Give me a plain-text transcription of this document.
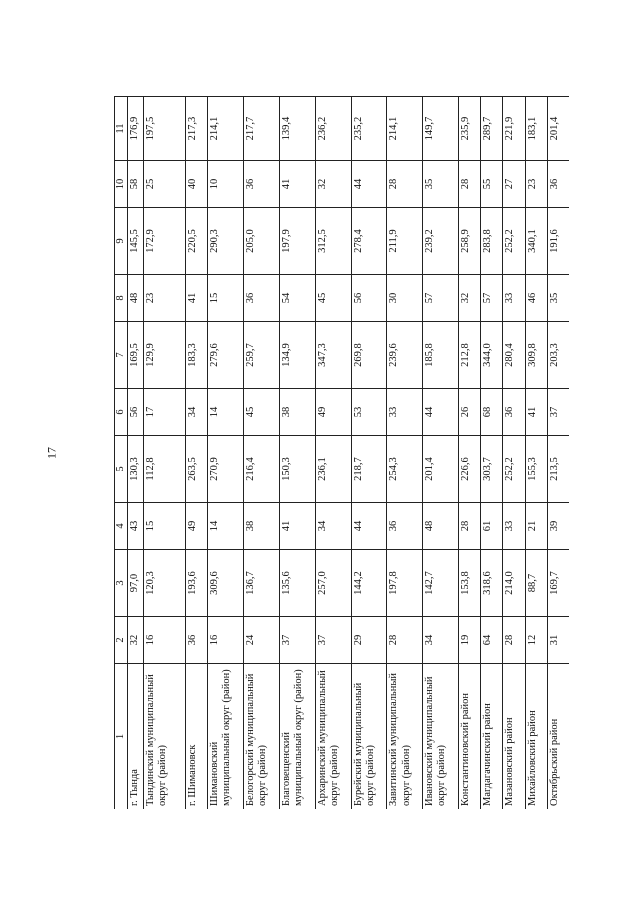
17
1	2	3	4	5	6	7	8	9	10	11
г. Тында	32	97,0	43	130,3	56	169,5	48	145,5	58	176,9
Тындинский муниципальный округ (район)	16	120,3	15	112,8	17	129,9	23	172,9	25	197,5
г. Шимановск	36	193,6	49	263,5	34	183,3	41	220,5	40	217,3
Шимановский муниципальный округ (район)	16	309,6	14	270,9	14	279,6	15	290,3	10	214,1
Белогорский муниципальный округ (район)	24	136,7	38	216,4	45	259,7	36	205,0	36	217,7
Благовещенский муниципальный округ (район)	37	135,6	41	150,3	38	134,9	54	197,9	41	139,4
Архаринский муниципальный округ (район)	37	257,0	34	236,1	49	347,3	45	312,5	32	236,2
Бурейский муниципальный округ (район)	29	144,2	44	218,7	53	269,8	56	278,4	44	235,2
Завитинский муниципальный округ (район)	28	197,8	36	254,3	33	239,6	30	211,9	28	214,1
Ивановский муниципальный округ (район)	34	142,7	48	201,4	44	185,8	57	239,2	35	149,7
Константиновский район	19	153,8	28	226,6	26	212,8	32	258,9	28	235,9
Магдагачинский район	64	318,6	61	303,7	68	344,0	57	283,8	55	289,7
Мазановский район	28	214,0	33	252,2	36	280,4	33	252,2	27	221,9
Михайловский район	12	88,7	21	155,3	41	309,8	46	340,1	23	183,1
Октябрьский район	31	169,7	39	213,5	37	203,3	35	191,6	36	201,4
